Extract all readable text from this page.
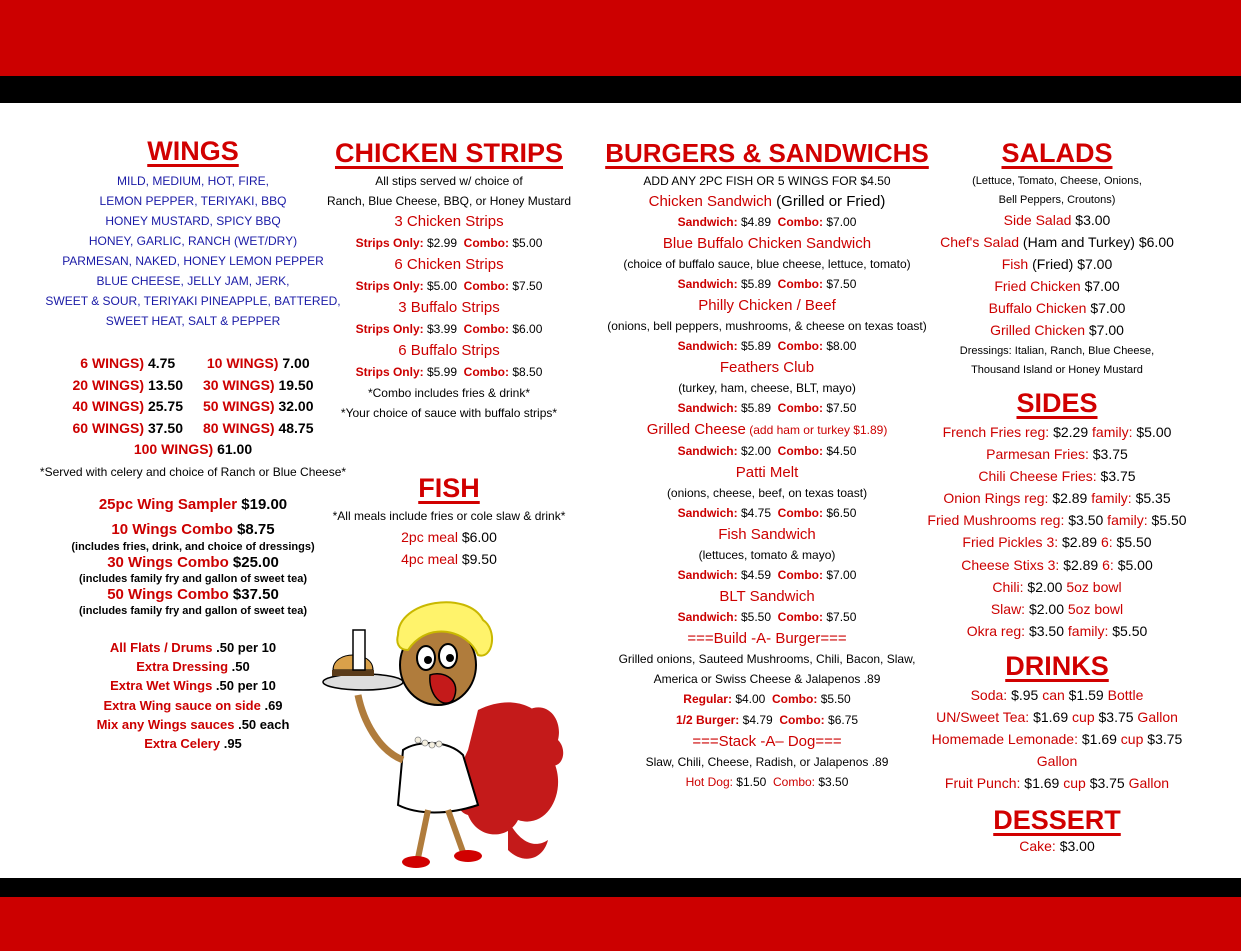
WINGS

MILD, MEDIUM, HOT, FIRE,

LEMON PEPPER, TERIYAKI, BBQ

HONEY MUSTARD, SPICY BBQ

HONEY, GARLIC, RANCH (WET/DRY)

PARMESAN, NAKED, HONEY LEMON PEPPER

BLUE CHEESE, JELLY JAM, JERK,

SWEET & SOUR, TERIYAKI PINEAPPLE, BATTERED,

SWEET HEAT, SALT & PEPPER

6 WINGS) 4.75	10 WINGS) 7.00
20 WINGS) 13.50 30 WINGS) 19.50
40 WINGS) 25.75 50 WINGS) 32.00
60 WINGS) 37.50 80 WINGS) 48.75
100 WINGS) 61.00
*Served with celery and choice of Ranch or Blue Cheese*
25pc Wing Sampler $19.00
10 Wings Combo $8.75
(includes fries, drink, and choice of dressings)
30 Wings Combo $25.00
(includes family fry and gallon of sweet tea)
50 Wings Combo $37.50
(includes family fry and gallon of sweet tea)
All Flats / Drums .50 per 10
Extra Dressing .50
Extra Wet Wings .50 per 10
Extra Wing sauce on side .69
Mix any Wings sauces .50 each
Extra Celery .95
CHICKEN STRIPS
All stips served w/ choice of
Ranch, Blue Cheese, BBQ, or Honey Mustard
3 Chicken Strips
Strips Only: $2.99 Combo: $5.00
6 Chicken Strips
Strips Only: $5.00 Combo: $7.50
3 Buffalo Strips
Strips Only: $3.99 Combo: $6.00
6 Buffalo Strips
Strips Only: $5.99 Combo: $8.50
*Combo includes fries & drink*
*Your choice of sauce with buffalo strips*
FISH
*All meals include fries or cole slaw & drink*
2pc meal $6.00
4pc meal $9.50
BURGERS & SANDWICHS
ADD ANY 2PC FISH OR 5 WINGS FOR $4.50
Chicken Sandwich (Grilled or Fried)
Sandwich: $4.89 Combo: $7.00
Blue Buffalo Chicken Sandwich
(choice of buffalo sauce, blue cheese, lettuce, tomato)
Sandwich: $5.89 Combo: $7.50
Philly Chicken / Beef
(onions, bell peppers, mushrooms, & cheese on texas toast)
Sandwich: $5.89 Combo: $8.00
Feathers Club
(turkey, ham, cheese, BLT, mayo)
Sandwich: $5.89 Combo: $7.50
Grilled Cheese (add ham or turkey $1.89)
Sandwich: $2.00 Combo: $4.50
Patti Melt
(onions, cheese, beef, on texas toast)
Sandwich: $4.75 Combo: $6.50
Fish Sandwich
(lettuces, tomato & mayo)
Sandwich: $4.59 Combo: $7.00
BLT Sandwich
Sandwich: $5.50 Combo: $7.50
===Build -A- Burger===
Grilled onions, Sauteed Mushrooms, Chili, Bacon, Slaw,
America or Swiss Cheese & Jalapenos .89
Regular: $4.00 Combo: $5.50
1/2 Burger: $4.79 Combo: $6.75
===Stack -A– Dog===
Slaw, Chili, Cheese, Radish, or Jalapenos .89
Hot Dog: $1.50 Combo: $3.50
SALADS
(Lettuce, Tomato, Cheese, Onions,
Bell Peppers, Croutons)
Side Salad $3.00
Chef's Salad (Ham and Turkey) $6.00
Fish (Fried) $7.00
Fried Chicken $7.00
Buffalo Chicken $7.00
Grilled Chicken $7.00
Dressings: Italian, Ranch, Blue Cheese,
Thousand Island or Honey Mustard
SIDES
French Fries reg: $2.29 family: $5.00
Parmesan Fries: $3.75
Chili Cheese Fries: $3.75
Onion Rings reg: $2.89 family: $5.35
Fried Mushrooms reg: $3.50 family: $5.50
Fried Pickles 3: $2.89 6: $5.50
Cheese Stixs 3: $2.89 6: $5.00
Chili: $2.00 5oz bowl
Slaw: $2.00 5oz bowl
Okra reg: $3.50 family: $5.50
DRINKS
Soda: $.95 can $1.59 Bottle
UN/Sweet Tea: $1.69 cup $3.75 Gallon
Homemade Lemonade: $1.69 cup $3.75 Gallon
Fruit Punch: $1.69 cup $3.75 Gallon
DESSERT
Cake: $3.00
